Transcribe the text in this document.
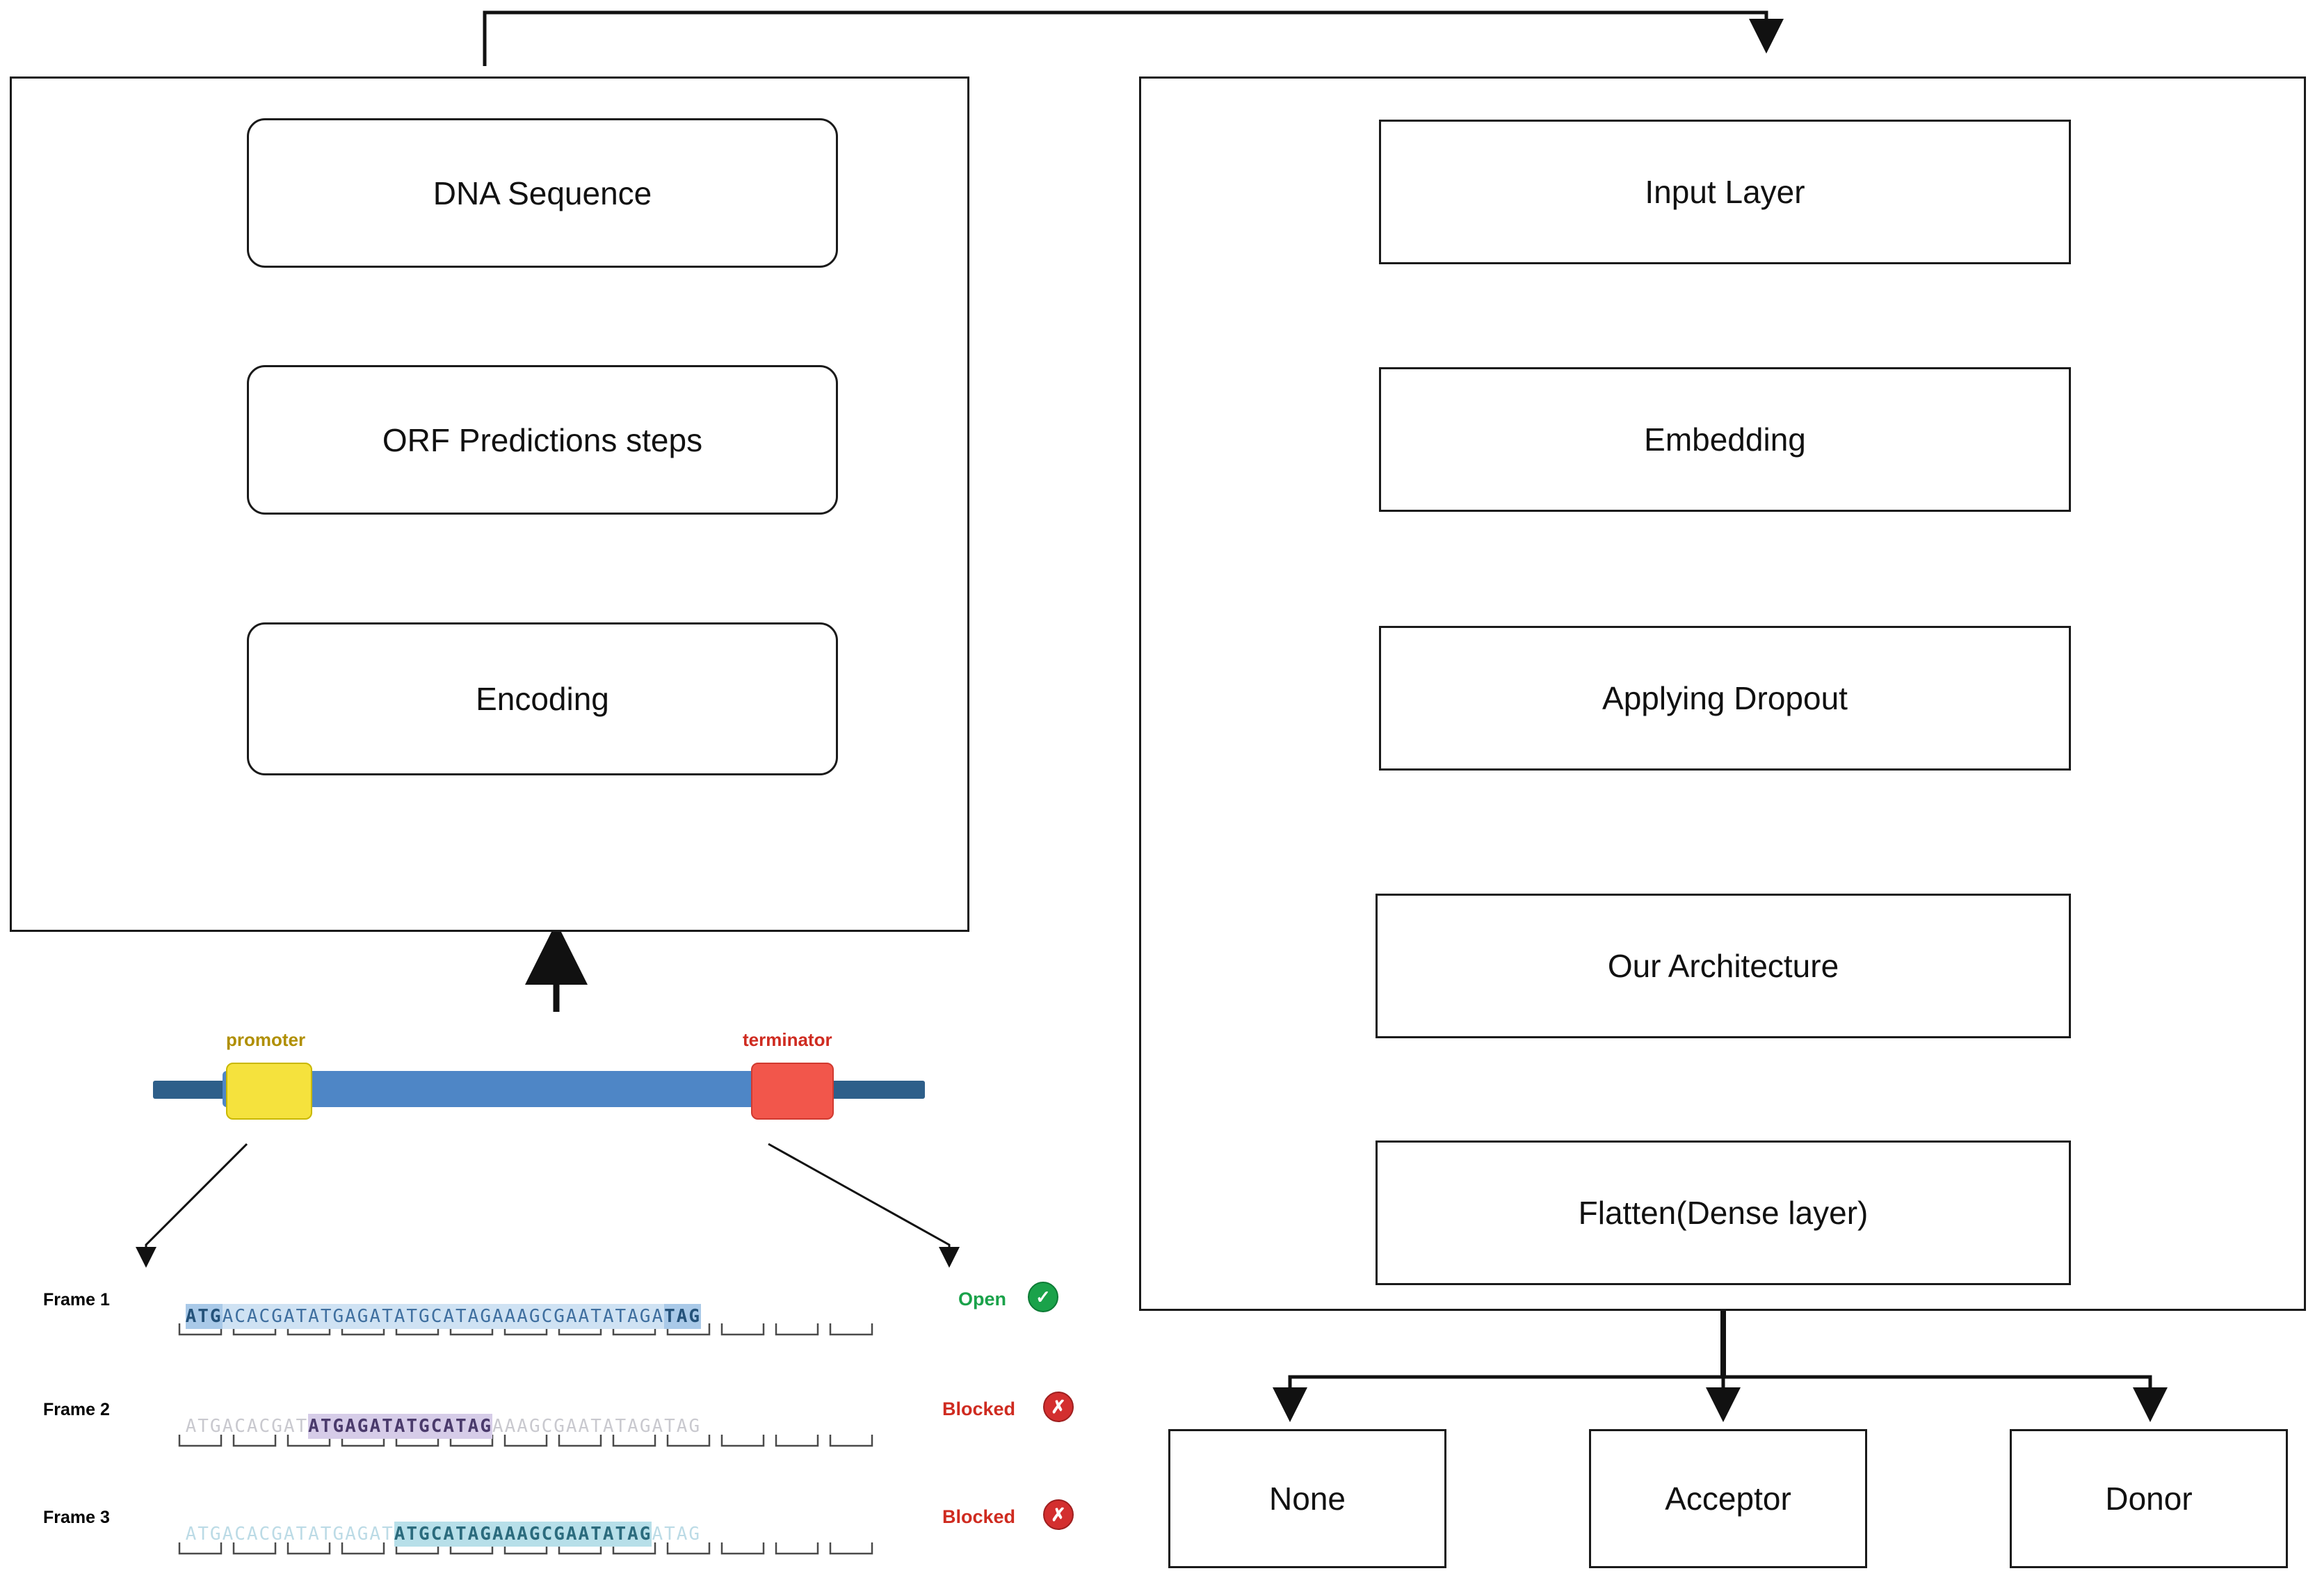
DNA Sequence
ORF Predictions steps
Encoding
Input Layer
Embedding
Applying Dropout
Our Architecture
Flatten(Dense layer)
None	Acceptor	Donor
promoter	terminator
Frame 1

ATGACACGATATGAGATATGCATAGAAAGCGAATATAGATAG

Open	✓
Frame 2

ATGACACGATATGAGATATGCATAGAAAGCGAATATAGATAG

Blocked	✗
Frame 3

ATGACACGATATGAGATATGCATAGAAAGCGAATATAGATAG

Blocked	✗
